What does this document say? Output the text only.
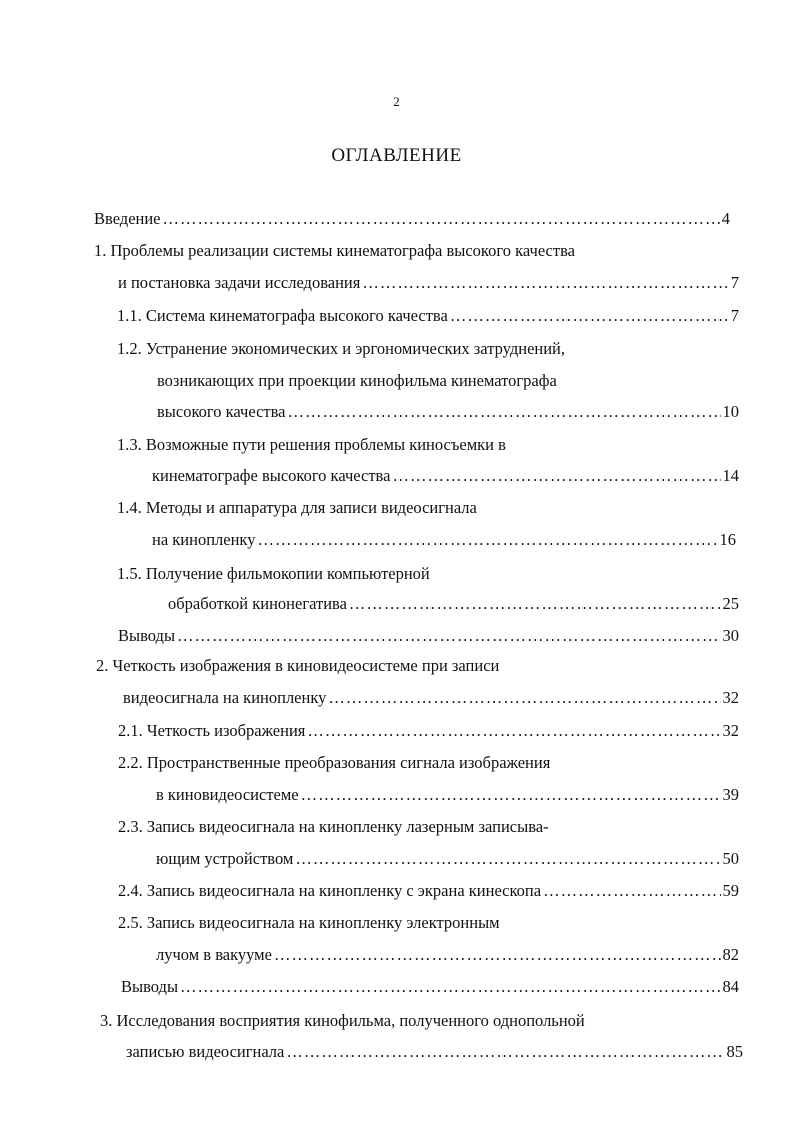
2
ОГЛАВЛЕНИЕ
Введение ………………………………………………………………………………………………………………………………………………………………………………………………………………	4
1. Проблемы реализации системы кинематографа высокого качества
и постановка задачи исследования ………………………………………………………………………………………………………………………………………………………………………………………………………………	7
1.1. Система кинематографа высокого качества ………………………………………………………………………………………………………………………………………………………………………………………………………………	7
1.2. Устранение экономических и эргономических затруднений,
возникающих при проекции кинофильма кинематографа
высокого качества ………………………………………………………………………………………………………………………………………………………………………………………………………………	10
1.3. Возможные пути решения проблемы киносъемки в
кинематографе высокого качества ………………………………………………………………………………………………………………………………………………………………………………………………………………	14
1.4. Методы и аппаратура для записи видеосигнала
на кинопленку ………………………………………………………………………………………………………………………………………………………………………………………………………………	16
1.5. Получение фильмокопии компьютерной
обработкой кинонегатива ………………………………………………………………………………………………………………………………………………………………………………………………………………	25
Выводы ………………………………………………………………………………………………………………………………………………………………………………………………………………	30
2. Четкость изображения в киновидеосистеме при записи
видеосигнала на кинопленку ………………………………………………………………………………………………………………………………………………………………………………………………………………	32
2.1. Четкость изображения ………………………………………………………………………………………………………………………………………………………………………………………………………………	32
2.2. Пространственные преобразования сигнала изображения
в киновидеосистеме ………………………………………………………………………………………………………………………………………………………………………………………………………………	39
2.3. Запись видеосигнала на кинопленку лазерным записыва-
ющим устройством ………………………………………………………………………………………………………………………………………………………………………………………………………………	50
2.4. Запись видеосигнала на кинопленку с экрана кинескопа ………………………………………………………………………………………………………………………………………………………………………………………………………………	59
2.5. Запись видеосигнала на кинопленку электронным
лучом в вакууме ………………………………………………………………………………………………………………………………………………………………………………………………………………	82
Выводы ………………………………………………………………………………………………………………………………………………………………………………………………………………	84
3. Исследования восприятия кинофильма, полученного однопольной
записью видеосигнала ………………………………………………………………………………………………………………………………………………………………………………………………………………	85
